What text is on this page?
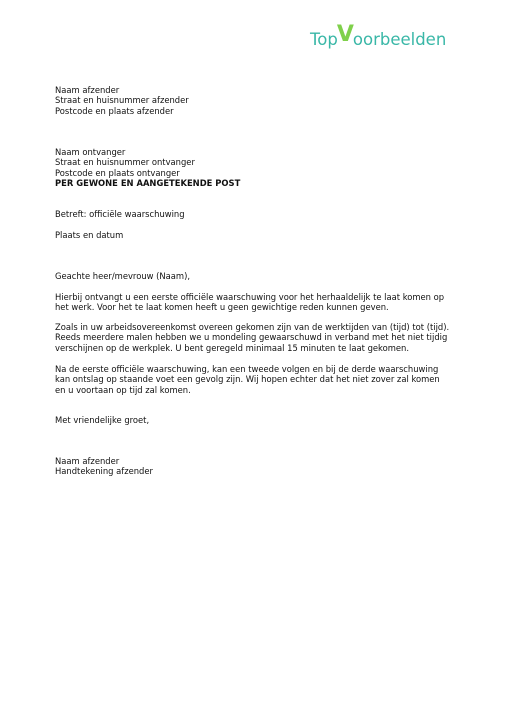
TopVoorbeelden
Naam afzender
Straat en huisnummer afzender
Postcode en plaats afzender
Naam ontvanger
Straat en huisnummer ontvanger
Postcode en plaats ontvanger
PER GEWONE EN AANGETEKENDE POST
Betreft: officiële waarschuwing
Plaats en datum
Geachte heer/mevrouw (Naam),
Hierbij ontvangt u een eerste officiële waarschuwing voor het herhaaldelijk te laat komen op
het werk. Voor het te laat komen heeft u geen gewichtige reden kunnen geven.
Zoals in uw arbeidsovereenkomst overeen gekomen zijn van de werktijden van (tijd) tot (tijd).
Reeds meerdere malen hebben we u mondeling gewaarschuwd in verband met het niet tijdig
verschijnen op de werkplek. U bent geregeld minimaal 15 minuten te laat gekomen.
Na de eerste officiële waarschuwing, kan een tweede volgen en bij de derde waarschuwing
kan ontslag op staande voet een gevolg zijn. Wij hopen echter dat het niet zover zal komen
en u voortaan op tijd zal komen.
Met vriendelijke groet,
Naam afzender
Handtekening afzender
